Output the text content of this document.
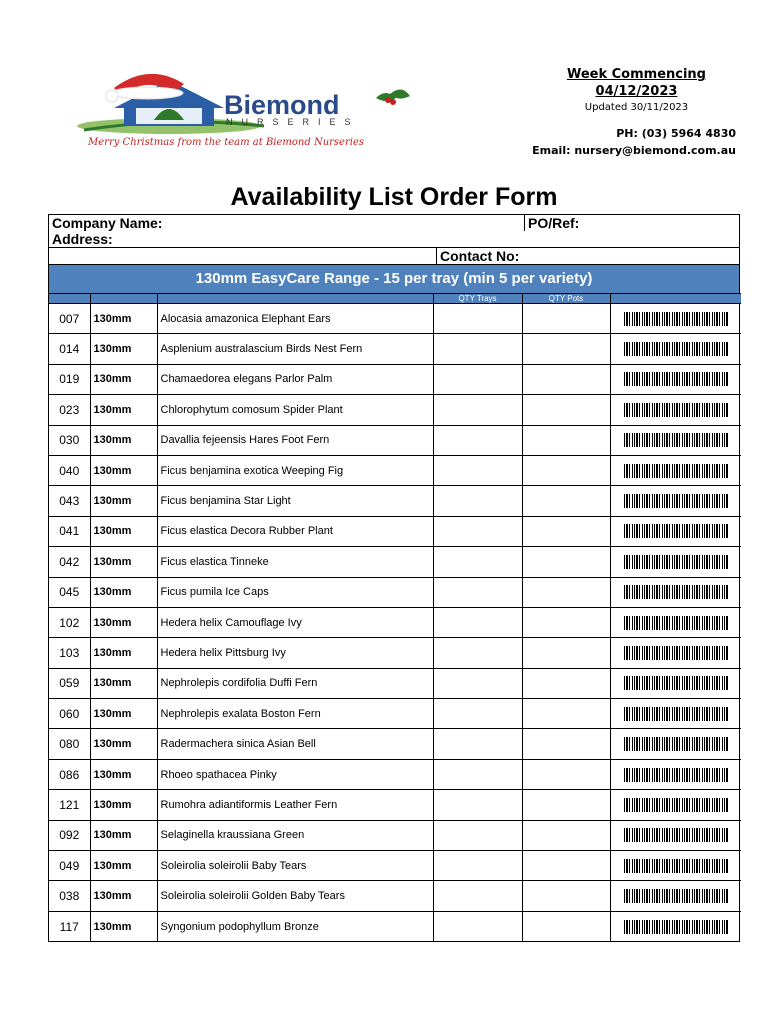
Biemond
NURSERIES
Merry Christmas from the team at Biemond Nurseries
Week Commencing
04/12/2023
Updated 30/11/2023
PH: (03) 5964 4830
Email: nursery@biemond.com.au
Availability List Order Form
Company Name:	PO/Ref:
Address:
Contact No:
130mm EasyCare Range - 15 per tray (min 5 per variety)
			QTY Trays	QTY Pots	
007	130mm	Alocasia amazonica Elephant Ears			
014	130mm	Asplenium australascium Birds Nest Fern			
019	130mm	Chamaedorea elegans Parlor Palm			
023	130mm	Chlorophytum comosum Spider Plant			
030	130mm	Davallia fejeensis Hares Foot Fern			
040	130mm	Ficus benjamina exotica Weeping Fig			
043	130mm	Ficus benjamina Star Light			
041	130mm	Ficus elastica Decora Rubber Plant			
042	130mm	Ficus elastica Tinneke			
045	130mm	Ficus pumila Ice Caps			
102	130mm	Hedera helix Camouflage Ivy			
103	130mm	Hedera helix Pittsburg Ivy			
059	130mm	Nephrolepis cordifolia Duffi Fern			
060	130mm	Nephrolepis exalata Boston Fern			
080	130mm	Radermachera sinica Asian Bell			
086	130mm	Rhoeo spathacea Pinky			
121	130mm	Rumohra adiantiformis Leather Fern			
092	130mm	Selaginella kraussiana Green			
049	130mm	Soleirolia soleirolii Baby Tears			
038	130mm	Soleirolia soleirolii Golden Baby Tears			
117	130mm	Syngonium podophyllum Bronze			
